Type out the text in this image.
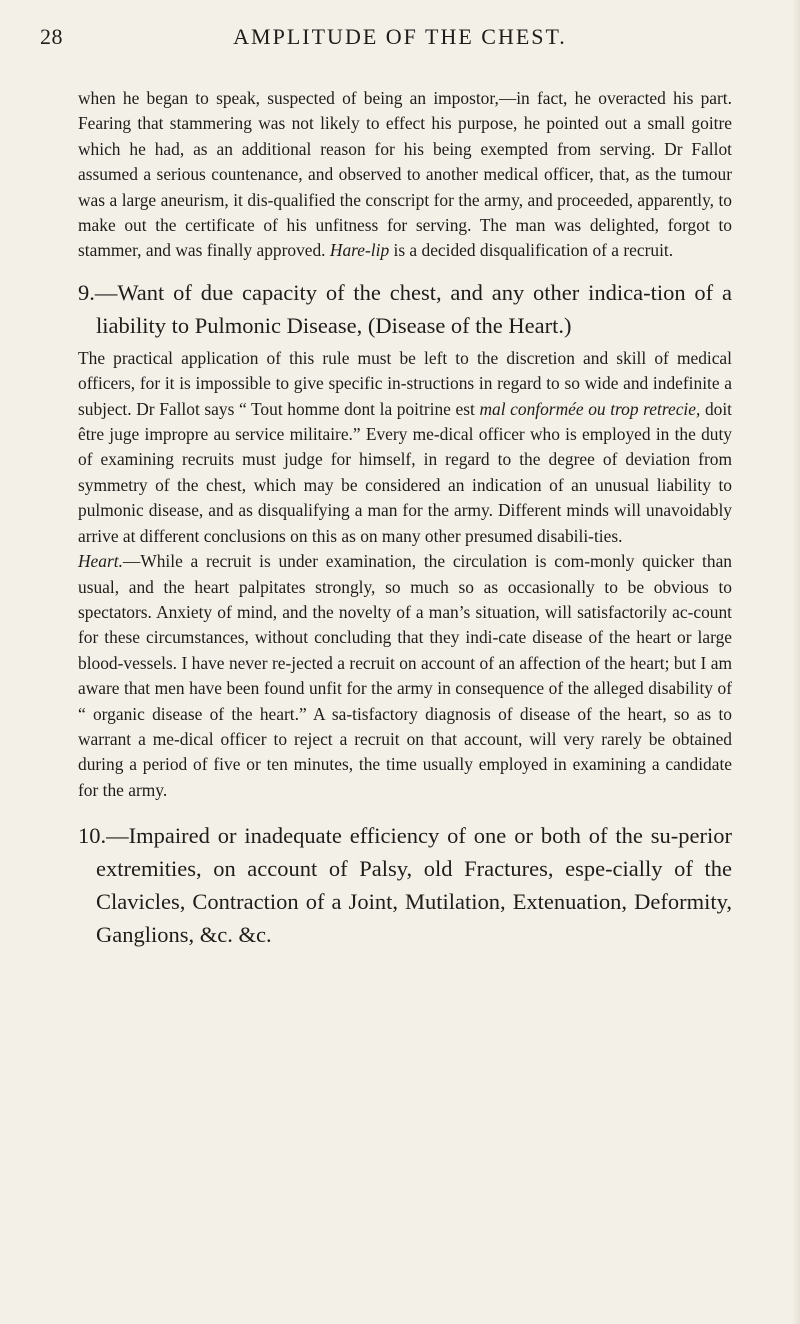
28	AMPLITUDE OF THE CHEST.

when he began to speak, suspected of being an impostor,—in fact, he overacted his part. Fearing that stammering was not likely to effect his purpose, he pointed out a small goitre which he had, as an additional reason for his being exempted from serving. Dr Fallot assumed a serious countenance, and observed to another medical officer, that, as the tumour was a large aneurism, it dis-qualified the conscript for the army, and proceeded, apparently, to make out the certificate of his unfitness for serving. The man was delighted, forgot to stammer, and was finally approved. Hare-lip is a decided disqualification of a recruit.

9.—Want of due capacity of the chest, and any other indica-tion of a liability to Pulmonic Disease, (Disease of the Heart.)

The practical application of this rule must be left to the discretion and skill of medical officers, for it is impossible to give specific in-structions in regard to so wide and indefinite a subject. Dr Fallot says “ Tout homme dont la poitrine est mal conformée ou trop retrecie, doit être juge impropre au service militaire.” Every me-dical officer who is employed in the duty of examining recruits must judge for himself, in regard to the degree of deviation from symmetry of the chest, which may be considered an indication of an unusual liability to pulmonic disease, and as disqualifying a man for the army. Different minds will unavoidably arrive at different conclusions on this as on many other presumed disabili-ties.

Heart.—While a recruit is under examination, the circulation is com-monly quicker than usual, and the heart palpitates strongly, so much so as occasionally to be obvious to spectators. Anxiety of mind, and the novelty of a man’s situation, will satisfactorily ac-count for these circumstances, without concluding that they indi-cate disease of the heart or large blood-vessels. I have never re-jected a recruit on account of an affection of the heart; but I am aware that men have been found unfit for the army in consequence of the alleged disability of “ organic disease of the heart.” A sa-tisfactory diagnosis of disease of the heart, so as to warrant a me-dical officer to reject a recruit on that account, will very rarely be obtained during a period of five or ten minutes, the time usually employed in examining a candidate for the army.

10.—Impaired or inadequate efficiency of one or both of the su-perior extremities, on account of Palsy, old Fractures, espe-cially of the Clavicles, Contraction of a Joint, Mutilation, Extenuation, Deformity, Ganglions, &c. &c.
